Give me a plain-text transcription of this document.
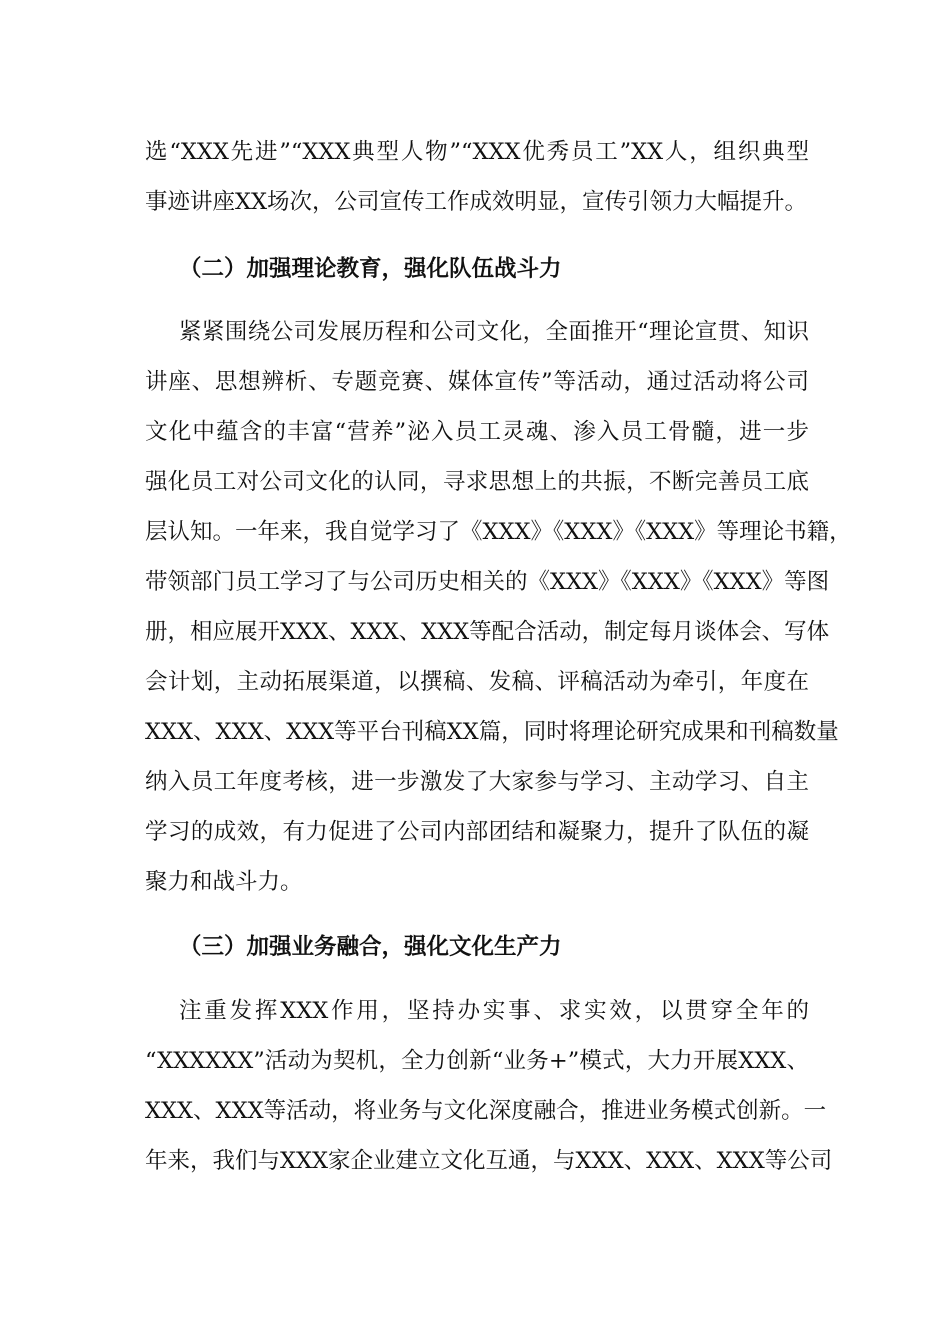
选“XXX先进”“XXX典型人物”“XXX优秀员工”XX人，组织典型
事迹讲座XX场次，公司宣传工作成效明显，宣传引领力大幅提升。
（二）加强理论教育，强化队伍战斗力
紧紧围绕公司发展历程和公司文化，全面推开“理论宣贯、知识
讲座、思想辨析、专题竞赛、媒体宣传”等活动，通过活动将公司
文化中蕴含的丰富“营养”泌入员工灵魂、渗入员工骨髓，进一步
强化员工对公司文化的认同，寻求思想上的共振，不断完善员工底
层认知。一年来，我自觉学习了《XXX》《XXX》《XXX》等理论书籍，
带领部门员工学习了与公司历史相关的《XXX》《XXX》《XXX》等图
册，相应展开XXX、XXX、XXX等配合活动，制定每月谈体会、写体
会计划，主动拓展渠道，以撰稿、发稿、评稿活动为牵引，年度在
XXX、XXX、XXX等平台刊稿XX篇，同时将理论研究成果和刊稿数量
纳入员工年度考核，进一步激发了大家参与学习、主动学习、自主
学习的成效，有力促进了公司内部团结和凝聚力，提升了队伍的凝
聚力和战斗力。
（三）加强业务融合，强化文化生产力
注重发挥XXX作用，坚持办实事、求实效，以贯穿全年的
“XXXXXX”活动为契机，全力创新“业务+”模式，大力开展XXX、
XXX、XXX等活动，将业务与文化深度融合，推进业务模式创新。一
年来，我们与XXX家企业建立文化互通，与XXX、XXX、XXX等公司
